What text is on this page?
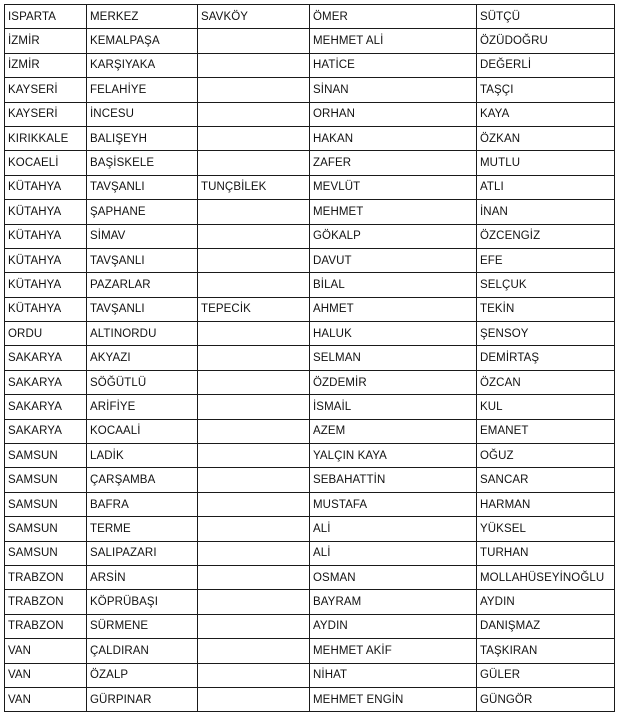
ISPARTA	MERKEZ	SAVKÖY	ÖMER	SÜTÇÜ
İZMİR	KEMALPAŞA		MEHMET ALİ	ÖZÜDOĞRU
İZMİR	KARŞIYAKA		HATİCE	DEĞERLİ
KAYSERİ	FELAHİYE		SİNAN	TAŞÇI
KAYSERİ	İNCESU		ORHAN	KAYA
KIRIKKALE	BALIŞEYH		HAKAN	ÖZKAN
KOCAELİ	BAŞİSKELE		ZAFER	MUTLU
KÜTAHYA	TAVŞANLI	TUNÇBİLEK	MEVLÜT	ATLI
KÜTAHYA	ŞAPHANE		MEHMET	İNAN
KÜTAHYA	SİMAV		GÖKALP	ÖZCENGİZ
KÜTAHYA	TAVŞANLI		DAVUT	EFE
KÜTAHYA	PAZARLAR		BİLAL	SELÇUK
KÜTAHYA	TAVŞANLI	TEPECİK	AHMET	TEKİN
ORDU	ALTINORDU		HALUK	ŞENSOY
SAKARYA	AKYAZI		SELMAN	DEMİRTAŞ
SAKARYA	SÖĞÜTLÜ		ÖZDEMİR	ÖZCAN
SAKARYA	ARİFİYE		İSMAİL	KUL
SAKARYA	KOCAALİ		AZEM	EMANET
SAMSUN	LADİK		YALÇIN KAYA	OĞUZ
SAMSUN	ÇARŞAMBA		SEBAHATTİN	SANCAR
SAMSUN	BAFRA		MUSTAFA	HARMAN
SAMSUN	TERME		ALİ	YÜKSEL
SAMSUN	SALIPAZARI		ALİ	TURHAN
TRABZON	ARSİN		OSMAN	MOLLAHÜSEYİNOĞLU
TRABZON	KÖPRÜBAŞI		BAYRAM	AYDIN
TRABZON	SÜRMENE		AYDIN	DANIŞMAZ
VAN	ÇALDIRAN		MEHMET AKİF	TAŞKIRAN
VAN	ÖZALP		NİHAT	GÜLER
VAN	GÜRPINAR		MEHMET ENGİN	GÜNGÖR
